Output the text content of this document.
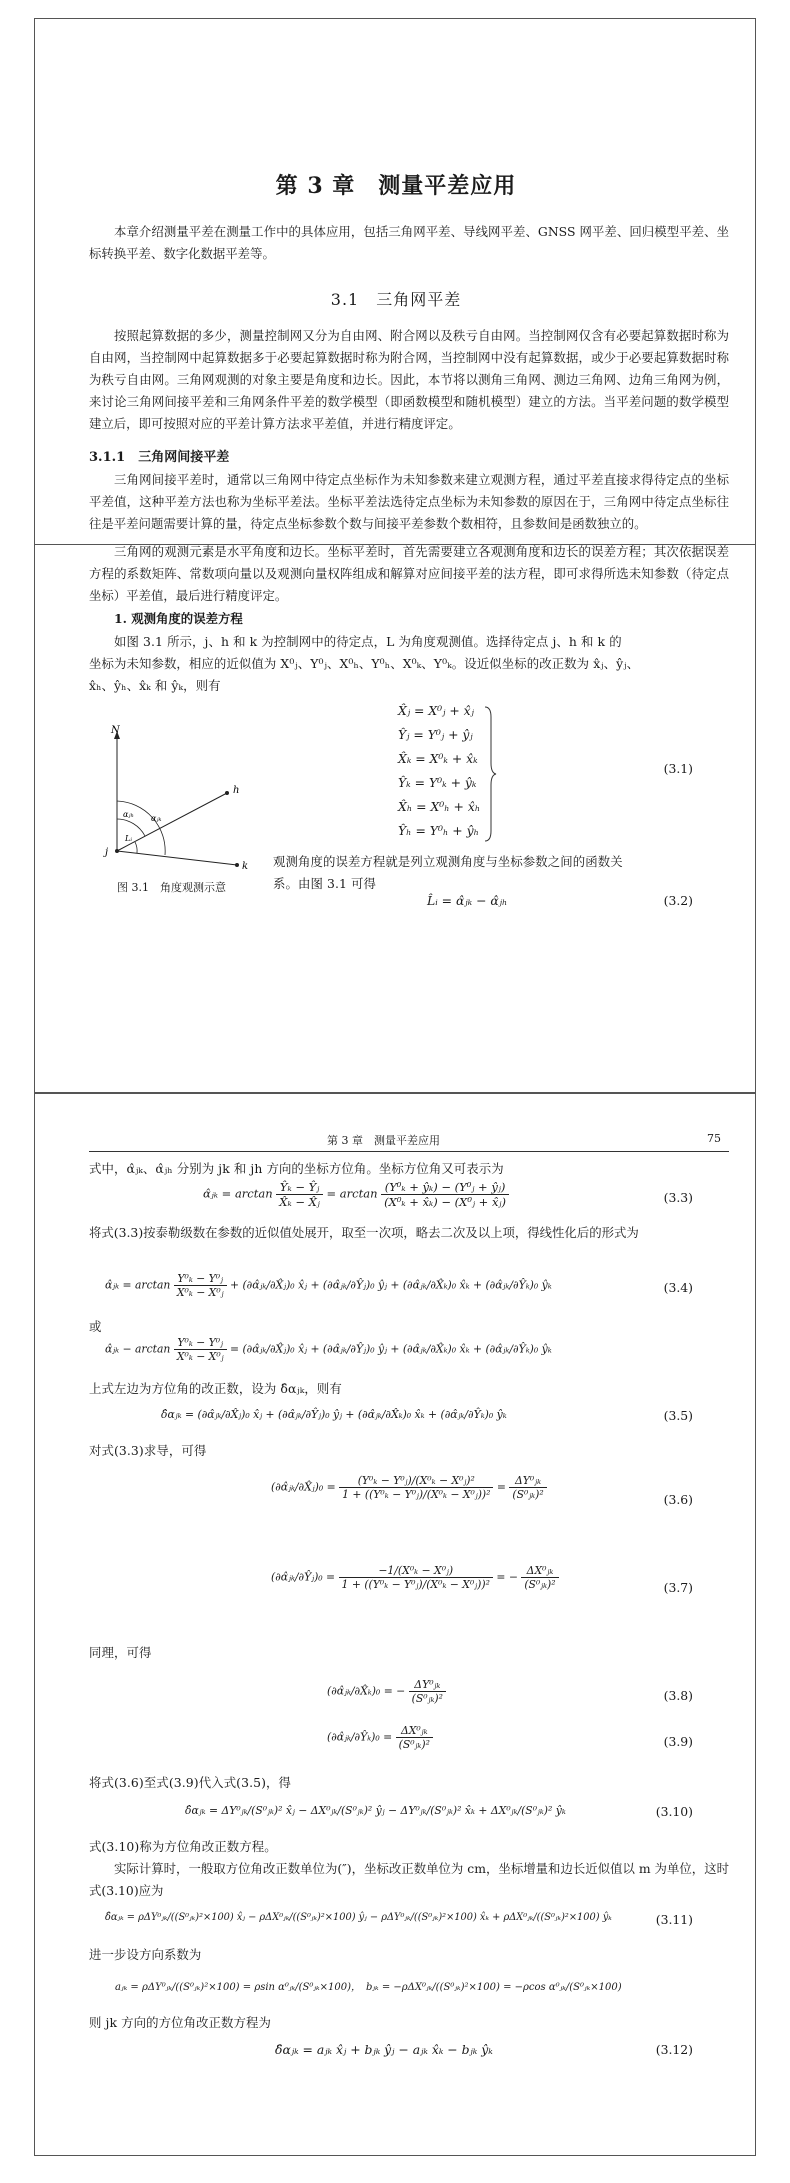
第 3 章　测量平差应用
本章介绍测量平差在测量工作中的具体应用，包括三角网平差、导线网平差、GNSS 网平差、回归模型平差、坐标转换平差、数字化数据平差等。
3.1　三角网平差
按照起算数据的多少，测量控制网又分为自由网、附合网以及秩亏自由网。当控制网仅含有必要起算数据时称为自由网，当控制网中起算数据多于必要起算数据时称为附合网，当控制网中没有起算数据，或少于必要起算数据时称为秩亏自由网。三角网观测的对象主要是角度和边长。因此，本节将以测角三角网、测边三角网、边角三角网为例，来讨论三角网间接平差和三角网条件平差的数学模型（即函数模型和随机模型）建立的方法。当平差问题的数学模型建立后，即可按照对应的平差计算方法求平差值，并进行精度评定。
3.1.1　三角网间接平差
三角网间接平差时，通常以三角网中待定点坐标作为未知参数来建立观测方程，通过平差直接求得待定点的坐标平差值，这种平差方法也称为坐标平差法。坐标平差法选待定点坐标为未知参数的原因在于，三角网中待定点坐标往往是平差问题需要计算的量，待定点坐标参数个数与间接平差参数个数相符，且参数间是函数独立的。
三角网的观测元素是水平角度和边长。坐标平差时，首先需要建立各观测角度和边长的误差方程；其次依据误差方程的系数矩阵、常数项向量以及观测向量权阵组成和解算对应间接平差的法方程，即可求得所选未知参数（待定点坐标）平差值，最后进行精度评定。
1. 观测角度的误差方程
如图 3.1 所示，j、h 和 k 为控制网中的待定点，L 为角度观测值。选择待定点 j、h 和 k 的
坐标为未知参数，相应的近似值为 X⁰ⱼ、Y⁰ⱼ、X⁰ₕ、Y⁰ₕ、X⁰ₖ、Y⁰ₖ。设近似坐标的改正数为 x̂ⱼ、ŷⱼ、
x̂ₕ、ŷₕ、x̂ₖ 和 ŷₖ，则有
X̂ⱼ = X⁰ⱼ + x̂ⱼ
Ŷⱼ = Y⁰ⱼ + ŷⱼ
X̂ₖ = X⁰ₖ + x̂ₖ
Ŷₖ = Y⁰ₖ + ŷₖ
X̂ₕ = X⁰ₕ + x̂ₕ
Ŷₕ = Y⁰ₕ + ŷₕ
(3.1)
N
h
j
k
αⱼₕ αⱼₖ
Lᵢ
图 3.1　角度观测示意
观测角度的误差方程就是列立观测角度与坐标参数之间的函数关
系。由图 3.1 可得
L̂ᵢ = α̂ⱼₖ − α̂ⱼₕ	(3.2)
第 3 章　测量平差应用	75
式中，α̂ⱼₖ、α̂ⱼₕ 分别为 jk 和 jh 方向的坐标方位角。坐标方位角又可表示为
α̂ⱼₖ = $\arctan \frac{\text{Ŷₖ − Ŷⱼ}}{\text{X̂ₖ − X̂ⱼ}} = \arctan \frac{\text{(Y⁰ₖ + ŷₖ) − (Y⁰ⱼ + ŷⱼ)}}{\text{(X⁰ₖ + x̂ₖ) − (X⁰ⱼ + x̂ⱼ)}}$	(3.3)
将式(3.3)按泰勒级数在参数的近似值处展开，取至一次项，略去二次及以上项，得线性化后的形式为
α̂ⱼₖ = $\arctan \frac{\text{Y⁰ₖ − Y⁰ⱼ}}{\text{X⁰ₖ − X⁰ⱼ}}$ + (∂α̂ⱼₖ/∂X̂ⱼ)₀ x̂ⱼ + (∂α̂ⱼₖ/∂Ŷⱼ)₀ ŷⱼ + (∂α̂ⱼₖ/∂X̂ₖ)₀ x̂ₖ + (∂α̂ⱼₖ/∂Ŷₖ)₀ ŷₖ	(3.4)
或
α̂ⱼₖ − $\arctan \frac{\text{Y⁰ₖ − Y⁰ⱼ}}{\text{X⁰ₖ − X⁰ⱼ}}$ = (∂α̂ⱼₖ/∂X̂ⱼ)₀ x̂ⱼ + (∂α̂ⱼₖ/∂Ŷⱼ)₀ ŷⱼ + (∂α̂ⱼₖ/∂X̂ₖ)₀ x̂ₖ + (∂α̂ⱼₖ/∂Ŷₖ)₀ ŷₖ
上式左边为方位角的改正数，设为 δ̂αⱼₖ，则有
δ̂αⱼₖ = (∂α̂ⱼₖ/∂X̂ⱼ)₀ x̂ⱼ + (∂α̂ⱼₖ/∂Ŷⱼ)₀ ŷⱼ + (∂α̂ⱼₖ/∂X̂ₖ)₀ x̂ₖ + (∂α̂ⱼₖ/∂Ŷₖ)₀ ŷₖ	(3.5)
对式(3.3)求导，可得
(∂α̂ⱼₖ/∂X̂ⱼ)₀ = $\frac{\text{(Y⁰ₖ − Y⁰ⱼ)/(X⁰ₖ − X⁰ⱼ)²}}{\text{1 + ((Y⁰ₖ − Y⁰ⱼ)/(X⁰ₖ − X⁰ⱼ))²}} = \frac{\text{ΔY⁰ⱼₖ}}{\text{(S⁰ⱼₖ)²}}$	(3.6)
(∂α̂ⱼₖ/∂Ŷⱼ)₀ = $\frac{\text{−1/(X⁰ₖ − X⁰ⱼ)}}{\text{1 + ((Y⁰ₖ − Y⁰ⱼ)/(X⁰ₖ − X⁰ⱼ))²}}$ = − $\frac{\text{ΔX⁰ⱼₖ}}{\text{(S⁰ⱼₖ)²}}$	(3.7)
同理，可得
(∂α̂ⱼₖ/∂X̂ₖ)₀ = − $\frac{\text{ΔY⁰ⱼₖ}}{\text{(S⁰ⱼₖ)²}}$	(3.8)
(∂α̂ⱼₖ/∂Ŷₖ)₀ = $\frac{\text{ΔX⁰ⱼₖ}}{\text{(S⁰ⱼₖ)²}}$	(3.9)
将式(3.6)至式(3.9)代入式(3.5)，得
δ̂αⱼₖ = ΔY⁰ⱼₖ/(S⁰ⱼₖ)² x̂ⱼ − ΔX⁰ⱼₖ/(S⁰ⱼₖ)² ŷⱼ − ΔY⁰ⱼₖ/(S⁰ⱼₖ)² x̂ₖ + ΔX⁰ⱼₖ/(S⁰ⱼₖ)² ŷₖ	(3.10)
式(3.10)称为方位角改正数方程。
实际计算时，一般取方位角改正数单位为(″)，坐标改正数单位为 cm，坐标增量和边长近似值以 m 为单位，这时式(3.10)应为
δ̂αⱼₖ = ρΔY⁰ⱼₖ/((S⁰ⱼₖ)²×100) x̂ⱼ − ρΔX⁰ⱼₖ/((S⁰ⱼₖ)²×100) ŷⱼ − ρΔY⁰ⱼₖ/((S⁰ⱼₖ)²×100) x̂ₖ + ρΔX⁰ⱼₖ/((S⁰ⱼₖ)²×100) ŷₖ	(3.11)
进一步设方向系数为
aⱼₖ = ρΔY⁰ⱼₖ/((S⁰ⱼₖ)²×100) = ρsin α⁰ⱼₖ/(S⁰ⱼₖ×100)，　bⱼₖ = −ρΔX⁰ⱼₖ/((S⁰ⱼₖ)²×100) = −ρcos α⁰ⱼₖ/(S⁰ⱼₖ×100)
则 jk 方向的方位角改正数方程为
δ̂αⱼₖ = aⱼₖ x̂ⱼ + bⱼₖ ŷⱼ − aⱼₖ x̂ₖ − bⱼₖ ŷₖ	(3.12)
